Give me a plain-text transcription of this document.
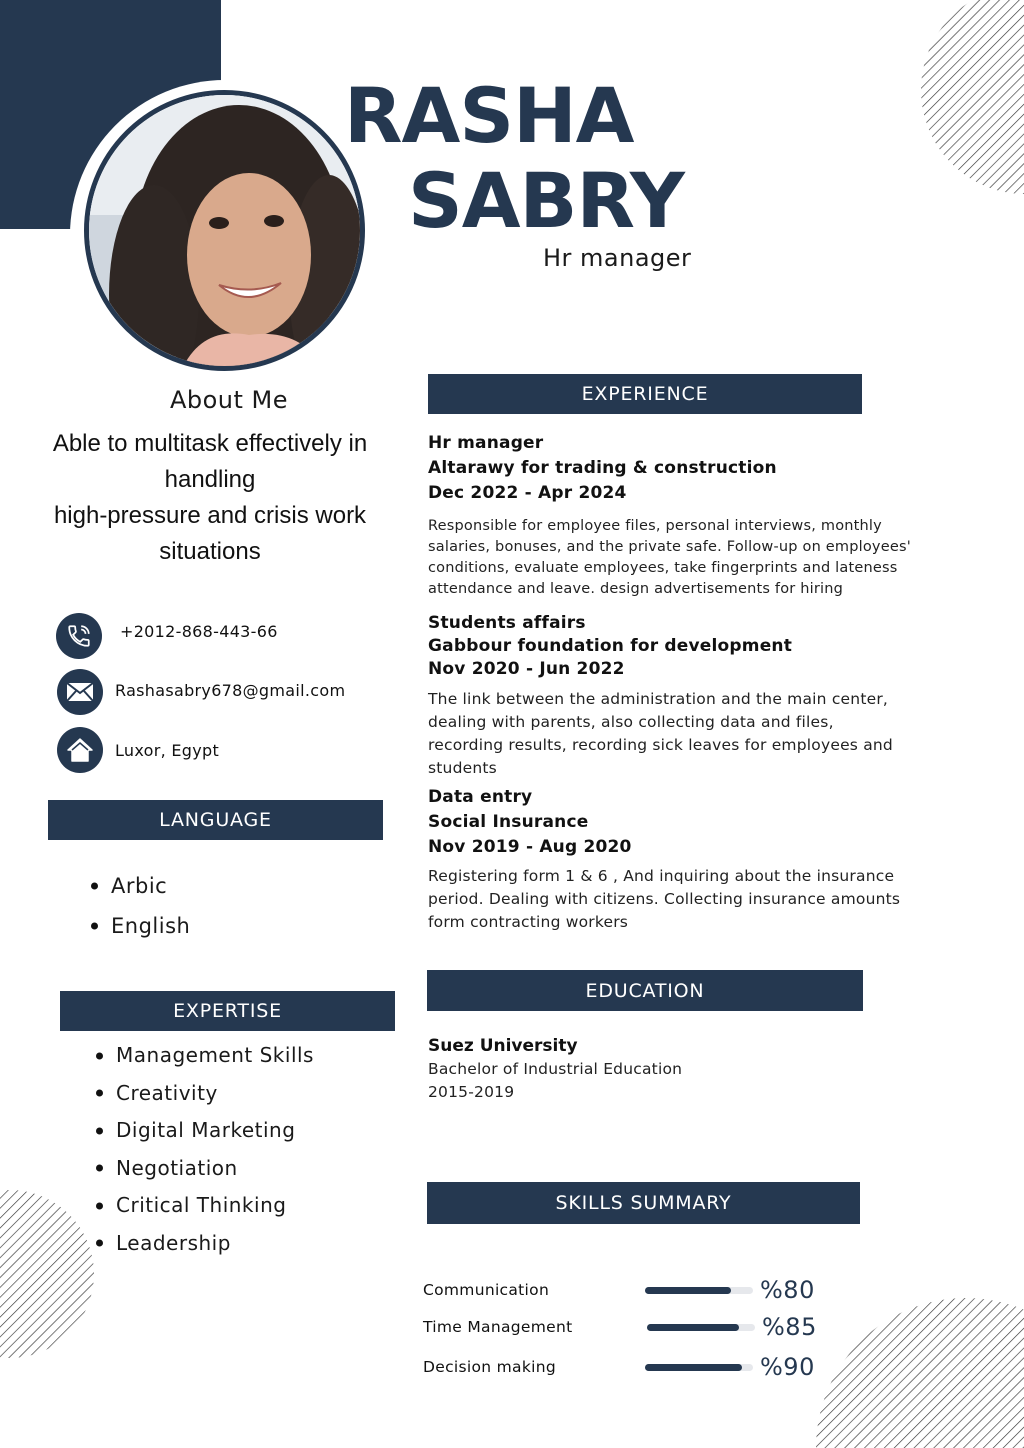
RASHA
SABRY
Hr manager
About Me
Able to multitask effectively in
handling
high-pressure and crisis work
situations
+2012-868-443-66
Rashasabry678@gmail.com
Luxor, Egypt
LANGUAGE
Arbic
English
EXPERTISE
Management Skills
Creativity
Digital Marketing
Negotiation
Critical Thinking
Leadership
EXPERIENCE
Hr manager
Altarawy for trading & construction
Dec 2022 - Apr 2024
Responsible for employee files, personal interviews, monthly
salaries, bonuses, and the private safe. Follow-up on employees'
conditions, evaluate employees, take fingerprints and lateness
attendance and leave. design advertisements for hiring
Students affairs
Gabbour foundation for development
Nov 2020 - Jun 2022
The link between the administration and the main center,
dealing with parents, also collecting data and files,
recording results, recording sick leaves for employees and
students
Data entry
Social Insurance
Nov 2019 - Aug 2020
Registering form 1 & 6 , And inquiring about the insurance
period. Dealing with citizens. Collecting insurance amounts
form contracting workers
EDUCATION
Suez University
Bachelor of Industrial Education
2015-2019
SKILLS SUMMARY
Communication	%80
Time Management	%85
Decision making	%90
